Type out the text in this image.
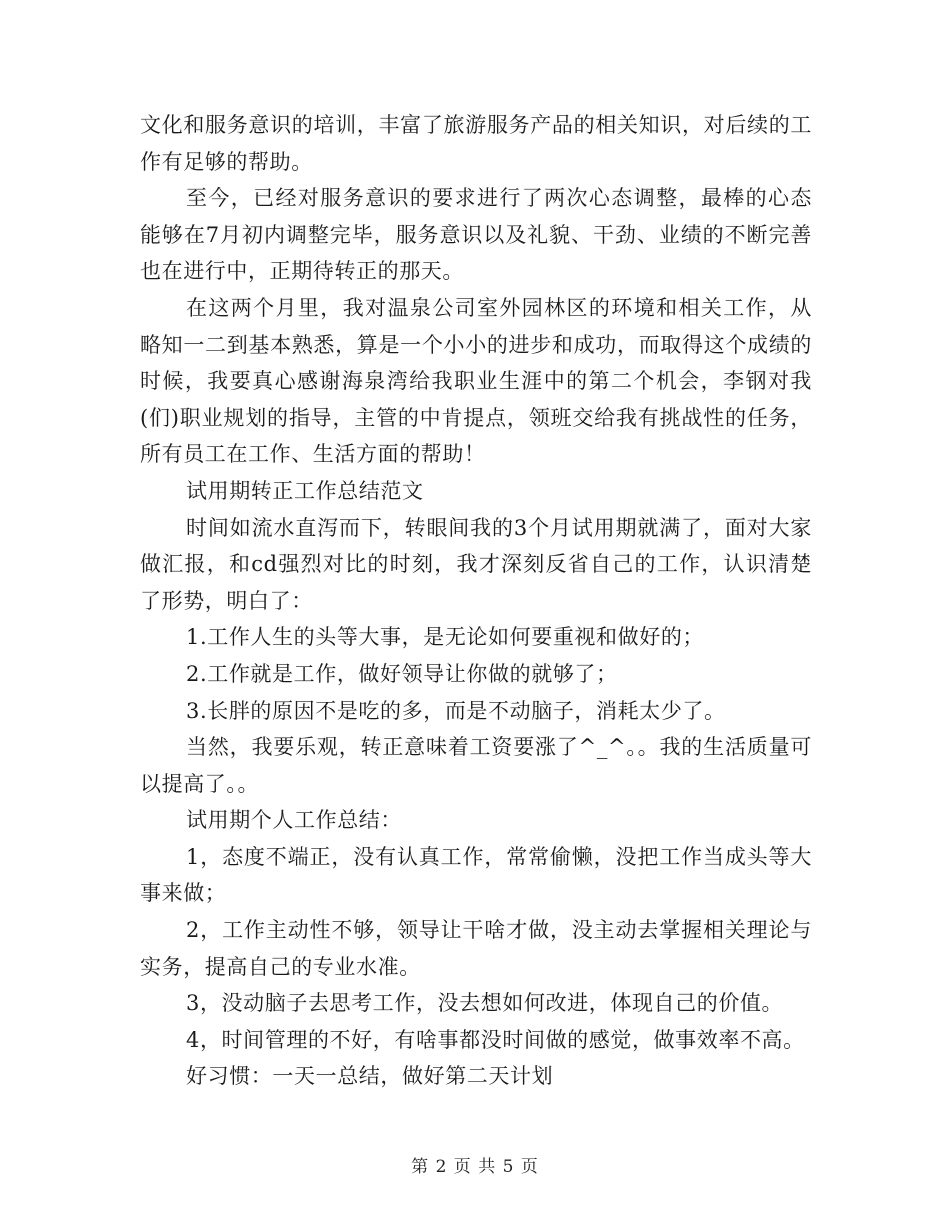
文化和服务意识的培训，丰富了旅游服务产品的相关知识，对后续的工作有足够的帮助。

至今，已经对服务意识的要求进行了两次心态调整，最棒的心态能够在7月初内调整完毕，服务意识以及礼貌、干劲、业绩的不断完善也在进行中，正期待转正的那天。

在这两个月里，我对温泉公司室外园林区的环境和相关工作，从略知一二到基本熟悉，算是一个小小的进步和成功，而取得这个成绩的时候，我要真心感谢海泉湾给我职业生涯中的第二个机会，李钢对我(们)职业规划的指导，主管的中肯提点，领班交给我有挑战性的任务，所有员工在工作、生活方面的帮助！

试用期转正工作总结范文

时间如流水直泻而下，转眼间我的3个月试用期就满了，面对大家做汇报，和cd强烈对比的时刻，我才深刻反省自己的工作，认识清楚了形势，明白了：

1.工作人生的头等大事，是无论如何要重视和做好的；

2.工作就是工作，做好领导让你做的就够了；

3.长胖的原因不是吃的多，而是不动脑子，消耗太少了。

当然，我要乐观，转正意味着工资要涨了^_^。。我的生活质量可以提高了。。

试用期个人工作总结：

1，态度不端正，没有认真工作，常常偷懒，没把工作当成头等大事来做；

2，工作主动性不够，领导让干啥才做，没主动去掌握相关理论与实务，提高自己的专业水准。

3，没动脑子去思考工作，没去想如何改进，体现自己的价值。

4，时间管理的不好，有啥事都没时间做的感觉，做事效率不高。

好习惯：一天一总结，做好第二天计划

第 2 页 共 5 页
